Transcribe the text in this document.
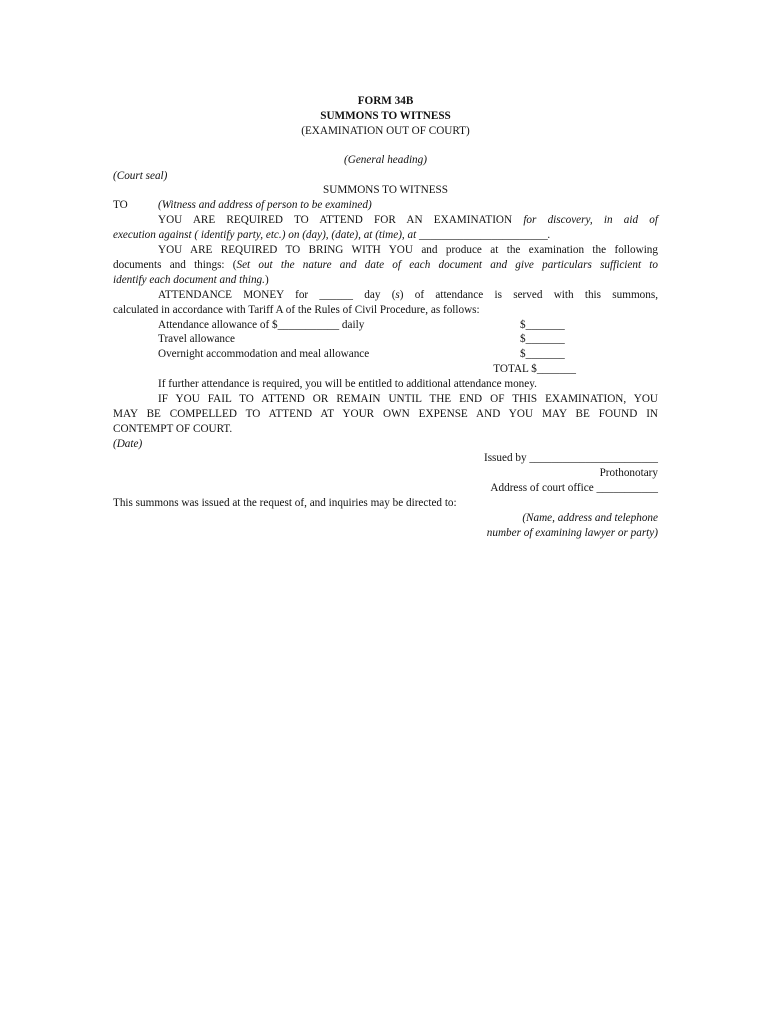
FORM 34B
SUMMONS TO WITNESS
(EXAMINATION OUT OF COURT)
(General heading)
(Court seal)
SUMMONS TO WITNESS
TO	(Witness and address of person to be examined)
YOU ARE REQUIRED TO ATTEND FOR AN EXAMINATION for discovery, in aid of
execution against ( identify party, etc.) on (day), (date), at (time), at _______________________.
YOU ARE REQUIRED TO BRING WITH YOU and produce at the examination the following
documents and things: (Set out the nature and date of each document and give particulars sufficient to
identify each document and thing.)
ATTENDANCE MONEY for ______ day (s) of attendance is served with this summons,
calculated in accordance with Tariff A of the Rules of Civil Procedure, as follows:
Attendance allowance of $___________ daily	$_______
Travel allowance	$_______
Overnight accommodation and meal allowance	$_______
TOTAL $_______
If further attendance is required, you will be entitled to additional attendance money.
IF YOU FAIL TO ATTEND OR REMAIN UNTIL THE END OF THIS EXAMINATION, YOU
MAY BE COMPELLED TO ATTEND AT YOUR OWN EXPENSE AND YOU MAY BE FOUND IN
CONTEMPT OF COURT.
(Date)
Issued by _______________________
Prothonotary
Address of court office ___________
This summons was issued at the request of, and inquiries may be directed to:
(Name, address and telephone
number of examining lawyer or party)
